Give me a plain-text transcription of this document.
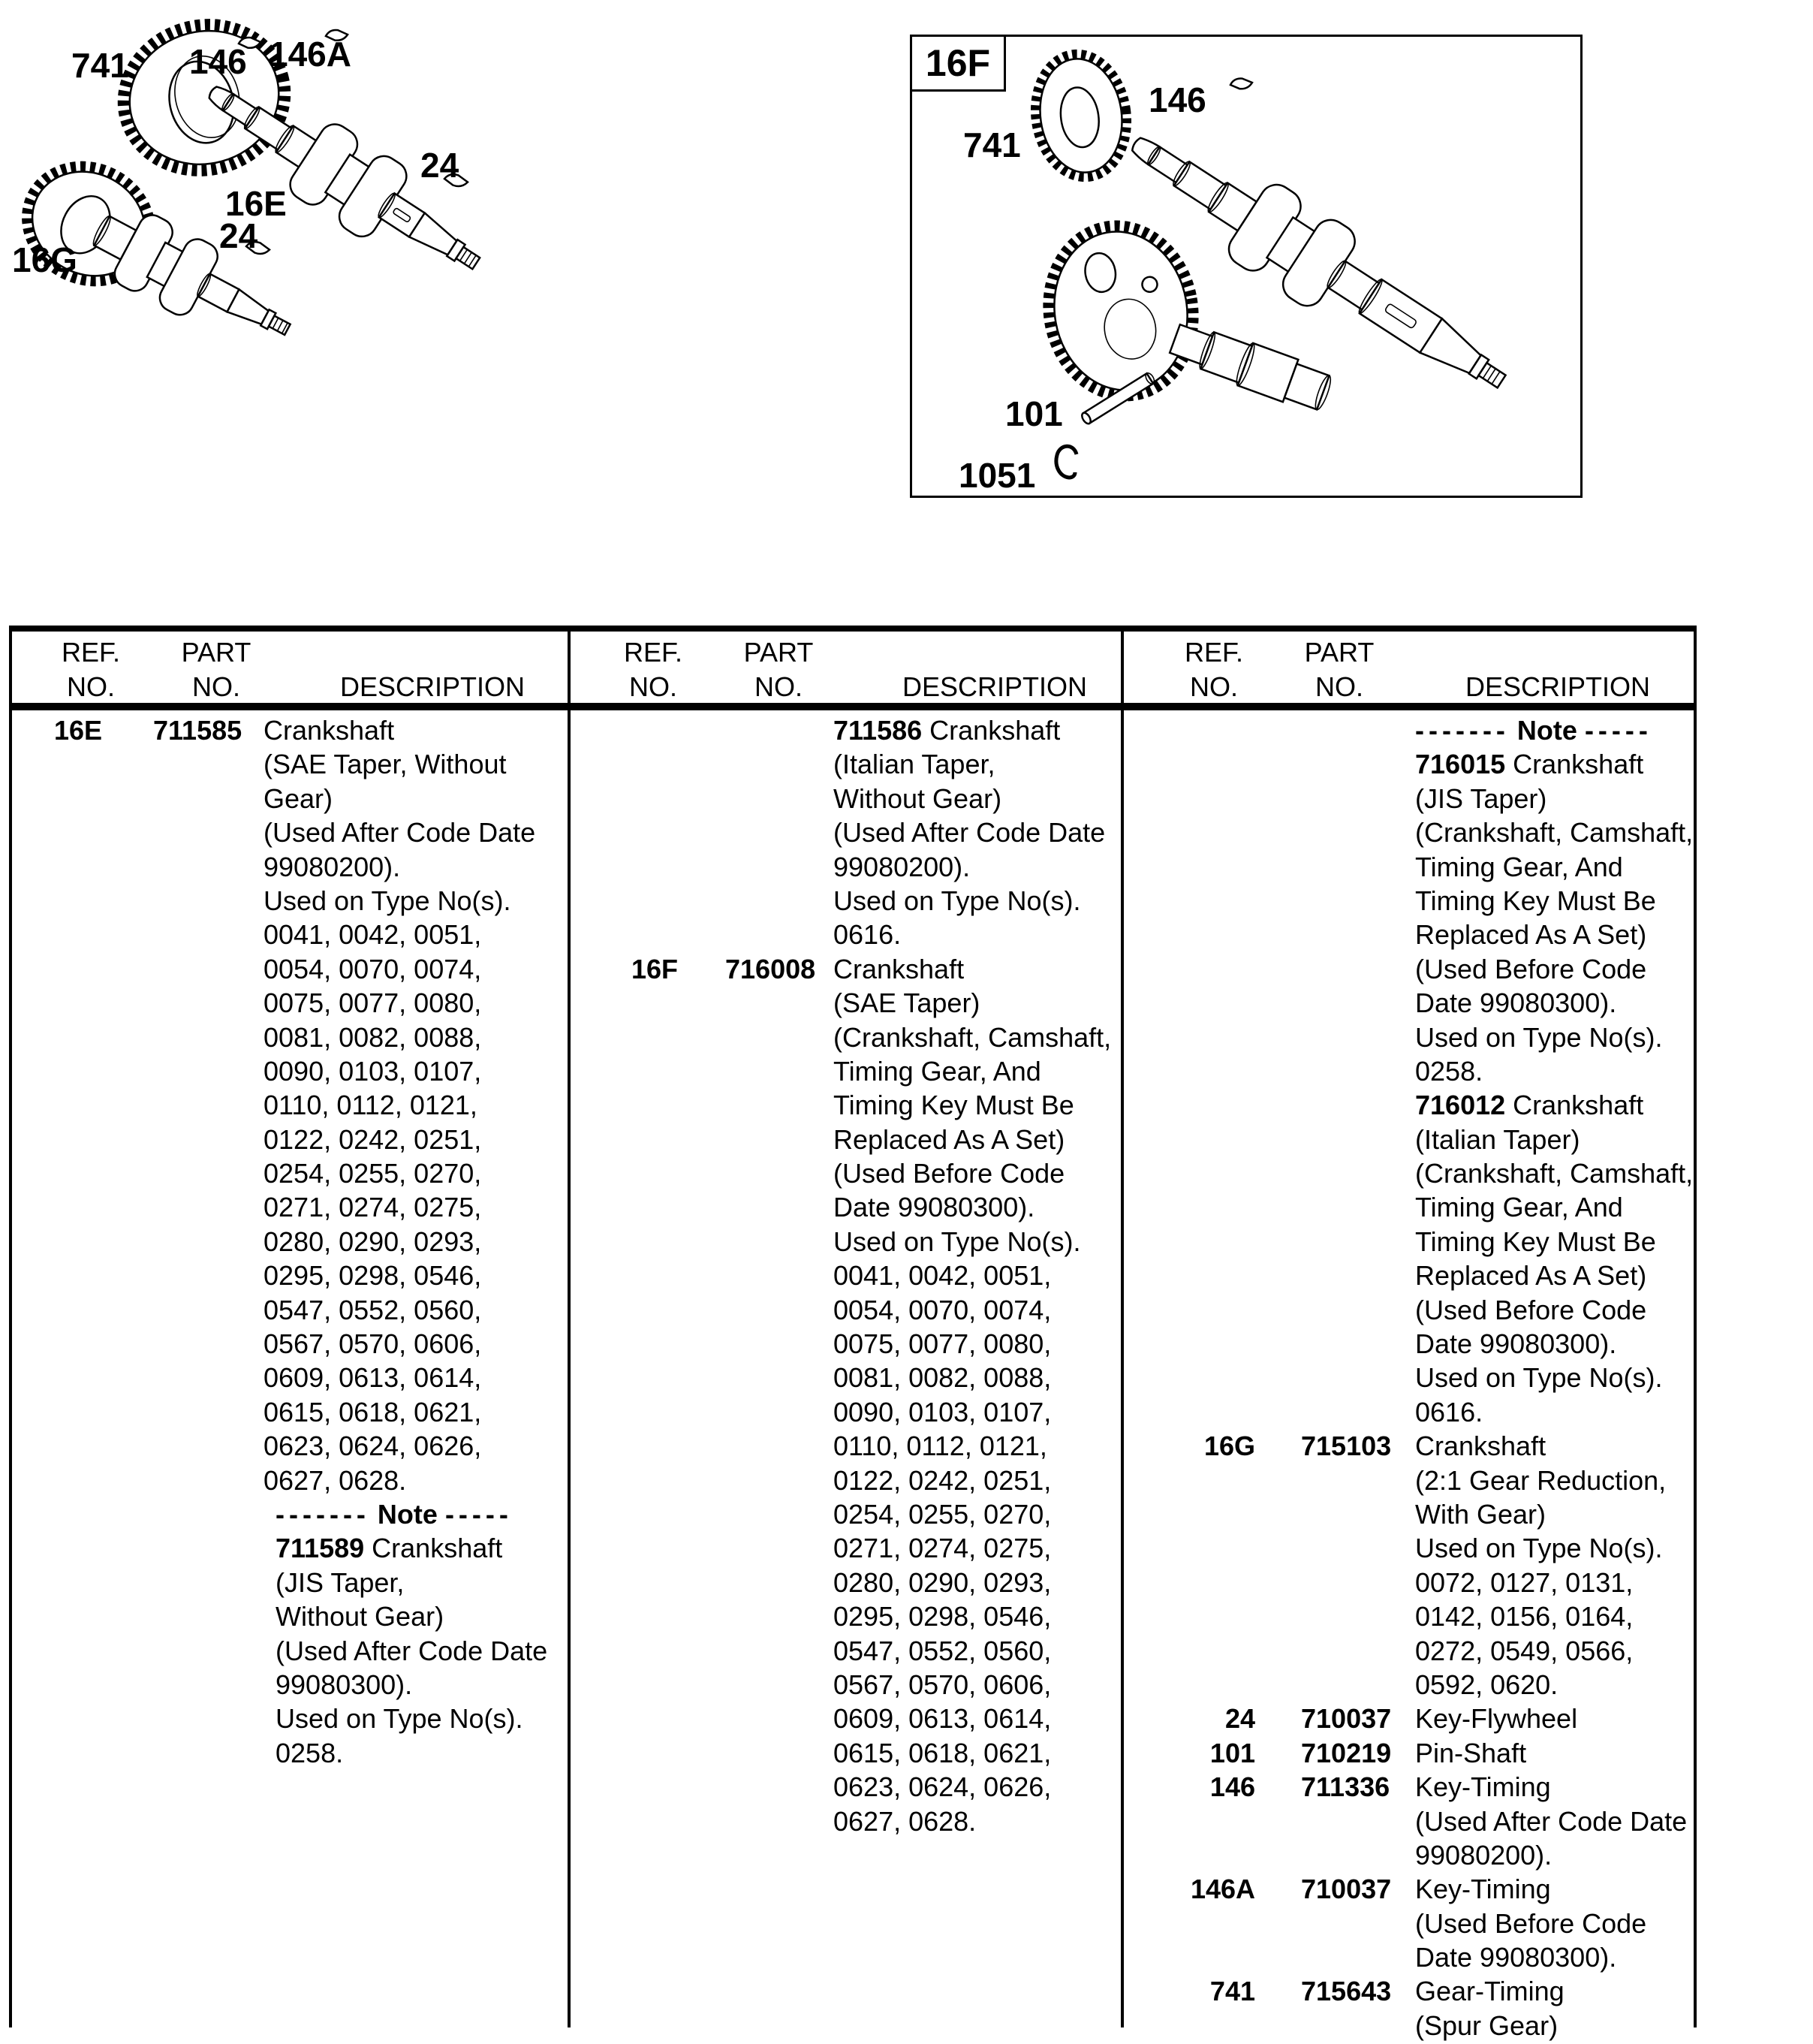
741 146 146A
24
16E
24
16G
16F
741
146
101
1051
REF.
NO.
PART
NO.	DESCRIPTION
16E 711585 Crankshaft
(SAE Taper, Without
Gear)
(Used After Code Date
99080200).
Used on Type No(s).
0041, 0042, 0051,
0054, 0070, 0074,
0075, 0077, 0080,
0081, 0082, 0088,
0090, 0103, 0107,
0110, 0112, 0121,
0122, 0242, 0251,
0254, 0255, 0270,
0271, 0274, 0275,
0280, 0290, 0293,
0295, 0298, 0546,
0547, 0552, 0560,
0567, 0570, 0606,
0609, 0613, 0614,
0615, 0618, 0621,
0623, 0624, 0626,
0627, 0628.
------- Note -----
711589 Crankshaft
(JIS Taper,
Without Gear)
(Used After Code Date
99080300).
Used on Type No(s).
0258.
REF.
NO.
PART
NO.	DESCRIPTION
711586 Crankshaft
(Italian Taper,
Without Gear)
(Used After Code Date
99080200).
Used on Type No(s).
0616.
16F 716008 Crankshaft
(SAE Taper)
(Crankshaft, Camshaft,
Timing Gear, And
Timing Key Must Be
Replaced As A Set)
(Used Before Code
Date 99080300).
Used on Type No(s).
0041, 0042, 0051,
0054, 0070, 0074,
0075, 0077, 0080,
0081, 0082, 0088,
0090, 0103, 0107,
0110, 0112, 0121,
0122, 0242, 0251,
0254, 0255, 0270,
0271, 0274, 0275,
0280, 0290, 0293,
0295, 0298, 0546,
0547, 0552, 0560,
0567, 0570, 0606,
0609, 0613, 0614,
0615, 0618, 0621,
0623, 0624, 0626,
0627, 0628.
REF.
NO.
PART
NO.	DESCRIPTION
------- Note -----
716015 Crankshaft
(JIS Taper)
(Crankshaft, Camshaft,
Timing Gear, And
Timing Key Must Be
Replaced As A Set)
(Used Before Code
Date 99080300).
Used on Type No(s).
0258.
716012 Crankshaft
(Italian Taper)
(Crankshaft, Camshaft,
Timing Gear, And
Timing Key Must Be
Replaced As A Set)
(Used Before Code
Date 99080300).
Used on Type No(s).
0616.
16G 715103 Crankshaft
(2:1 Gear Reduction,
With Gear)
Used on Type No(s).
0072, 0127, 0131,
0142, 0156, 0164,
0272, 0549, 0566,
0592, 0620.
24 710037 Key-Flywheel
101 710219 Pin-Shaft
146 711336 Key-Timing
(Used After Code Date
99080200).
146A 710037 Key-Timing
(Used Before Code
Date 99080300).
741 715643 Gear-Timing
(Spur Gear)
